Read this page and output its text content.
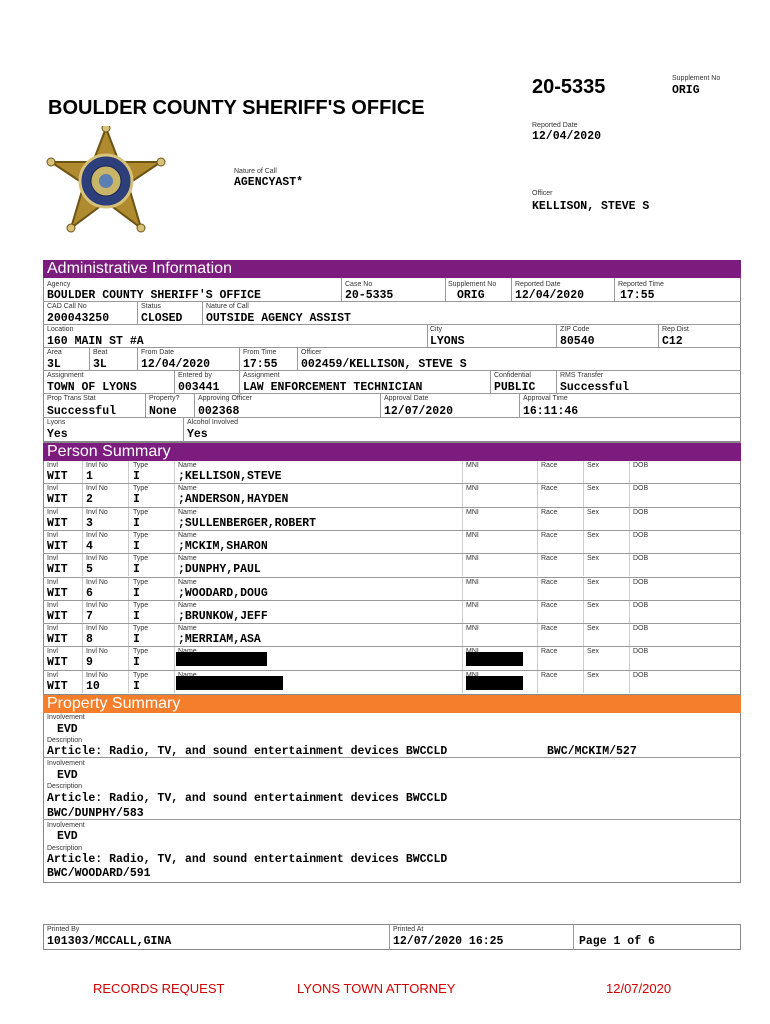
20-5335	Supplement No
ORIG
BOULDER COUNTY SHERIFF'S OFFICE
Reported Date
12/04/2020
Nature of Call
AGENCYAST*
Officer
KELLISON, STEVE S
Administrative Information
Agency
BOULDER COUNTY SHERIFF'S OFFICE
Case No
20-5335
Supplement No
ORIG
Reported Date
12/04/2020
Reported Time
17:55
CAD Call No
200043250
Status
CLOSED
Nature of Call
OUTSIDE AGENCY ASSIST
Location
160 MAIN ST #A
City
LYONS
ZIP Code
80540
Rep Dist
C12
Area
3L
Beat
3L
From Date
12/04/2020
From Time
17:55
Officer
002459/KELLISON, STEVE S
Assignment
TOWN OF LYONS
Entered by
003441
Assignment
LAW ENFORCEMENT TECHNICIAN
Confidential
PUBLIC
RMS Transfer
Successful
Prop Trans Stat
Successful
Property?
None
Approving Officer
002368
Approval Date
12/07/2020
Approval Time
16:11:46
Lyons
Yes
Alcohol Involved
Yes
Person Summary
Invl
WIT
Invl No
1
Type
I
Name
;KELLISON,STEVE
MNI	Race	Sex	DOB
Invl
WIT
Invl No
2
Type
I
Name
;ANDERSON,HAYDEN
MNI	Race	Sex	DOB
Invl
WIT
Invl No
3
Type
I
Name
;SULLENBERGER,ROBERT
MNI	Race	Sex	DOB
Invl
WIT
Invl No
4
Type
I
Name
;MCKIM,SHARON
MNI	Race	Sex	DOB
Invl
WIT
Invl No
5
Type
I
Name
;DUNPHY,PAUL
MNI	Race	Sex	DOB
Invl
WIT
Invl No
6
Type
I
Name
;WOODARD,DOUG
MNI	Race	Sex	DOB
Invl
WIT
Invl No
7
Type
I
Name
;BRUNKOW,JEFF
MNI	Race	Sex	DOB
Invl
WIT
Invl No
8
Type
I
Name
;MERRIAM,ASA
MNI	Race	Sex	DOB
Invl
WIT
Invl No
9
Type
I
Race	Sex	DOB
Invl
WIT
Invl No
10
Type
I
Race	Sex	DOB
Property Summary
Involvement
EVD
Description
Article: Radio, TV, and sound entertainment devices BWCCLD	BWC/MCKIM/527
Involvement
EVD
Description
Article: Radio, TV, and sound entertainment devices BWCCLD
BWC/DUNPHY/583
Involvement
EVD
Description
Article: Radio, TV, and sound entertainment devices BWCCLD
BWC/WOODARD/591
Printed By
101303/MCCALL,GINA
Printed At
12/07/2020 16:25	Page 1 of 6
RECORDS REQUEST	LYONS TOWN ATTORNEY	12/07/2020
